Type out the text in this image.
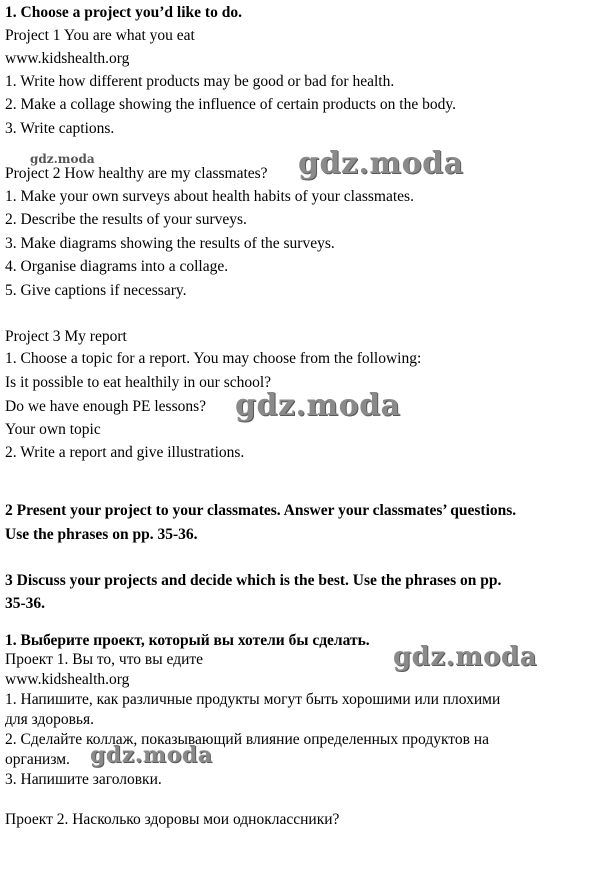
1. Choose a project you’d like to do.
Project 1 You are what you eat
www.kidshealth.org
1. Write how different products may be good or bad for health.
2. Make a collage showing the influence of certain products on the body.
3. Write captions.
gdz.moda
Project 2 How healthy are my classmates? gdz.moda
1. Make your own surveys about health habits of your classmates.
2. Describe the results of your surveys.
3. Make diagrams showing the results of the surveys.
4. Organise diagrams into a collage.
5. Give captions if necessary.
Project 3 My report
1. Choose a topic for a report. You may choose from the following:
Is it possible to eat healthily in our school?
Do we have enough PE lessons? gdz.moda
Your own topic
2. Write a report and give illustrations.
2 Present your project to your classmates. Answer your classmates’ questions.
Use the phrases on pp. 35-36.
3 Discuss your projects and decide which is the best. Use the phrases on pp.
35-36.
1. Выберите проект, который вы хотели бы сделать.
Проект 1. Вы то, что вы едите	gdz.moda
www.kidshealth.org
1. Напишите, как различные продукты могут быть хорошими или плохими
для здоровья.
2. Сделайте коллаж, показывающий влияние определенных продуктов на
организм. gdz.moda
3. Напишите заголовки.
Проект 2. Насколько здоровы мои одноклассники?
